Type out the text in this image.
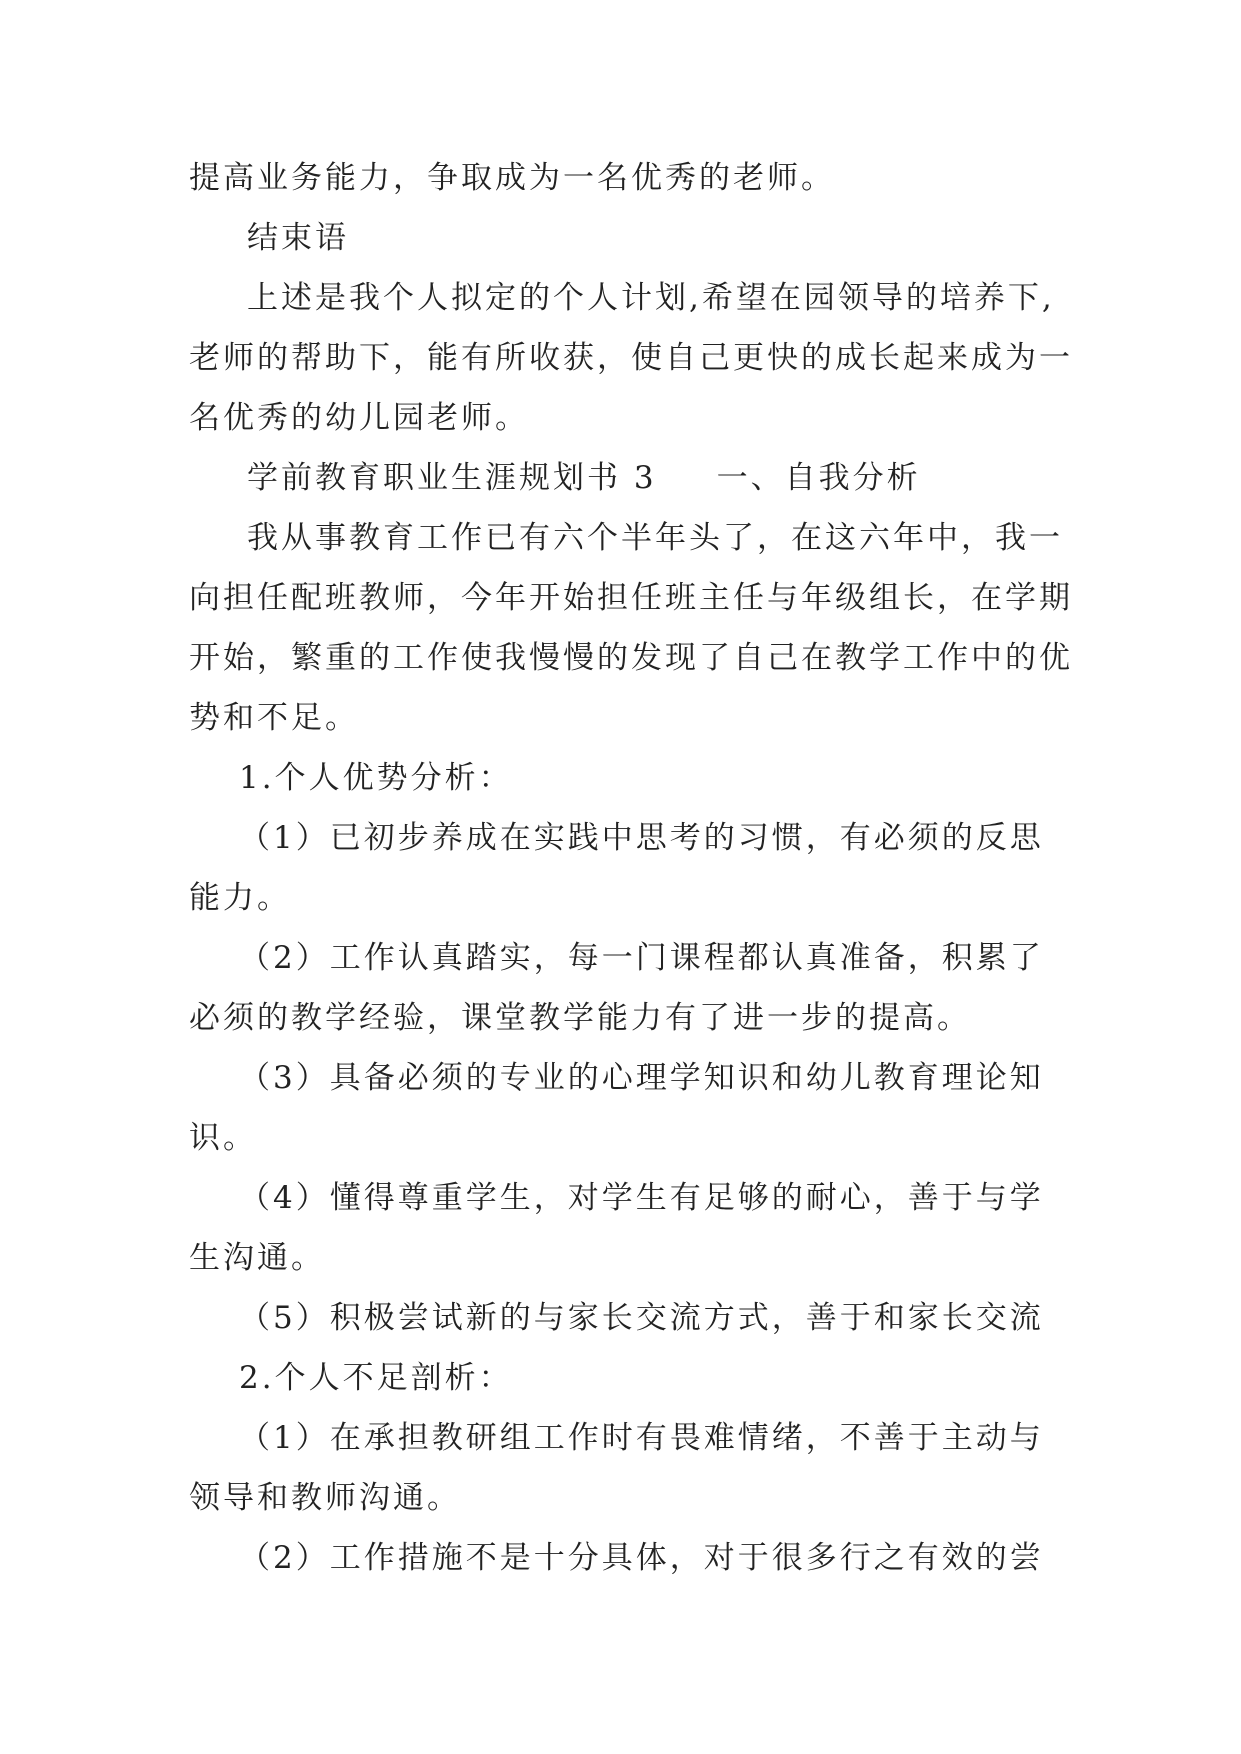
提高业务能力，争取成为一名优秀的老师。

结束语

上述是我个人拟定的个人计划,希望在园领导的培养下,

老师的帮助下，能有所收获，使自己更快的成长起来成为一

名优秀的幼儿园老师。

学前教育职业生涯规划书 3 一、自我分析

我从事教育工作已有六个半年头了，在这六年中，我一

向担任配班教师，今年开始担任班主任与年级组长，在学期

开始，繁重的工作使我慢慢的发现了自己在教学工作中的优

势和不足。

1.个人优势分析：

（1）已初步养成在实践中思考的习惯，有必须的反思

能力。

（2）工作认真踏实，每一门课程都认真准备，积累了

必须的教学经验，课堂教学能力有了进一步的提高。

（3）具备必须的专业的心理学知识和幼儿教育理论知

识。

（4）懂得尊重学生，对学生有足够的耐心，善于与学

生沟通。

（5）积极尝试新的与家长交流方式，善于和家长交流

2.个人不足剖析：

（1）在承担教研组工作时有畏难情绪，不善于主动与

领导和教师沟通。

（2）工作措施不是十分具体，对于很多行之有效的尝
